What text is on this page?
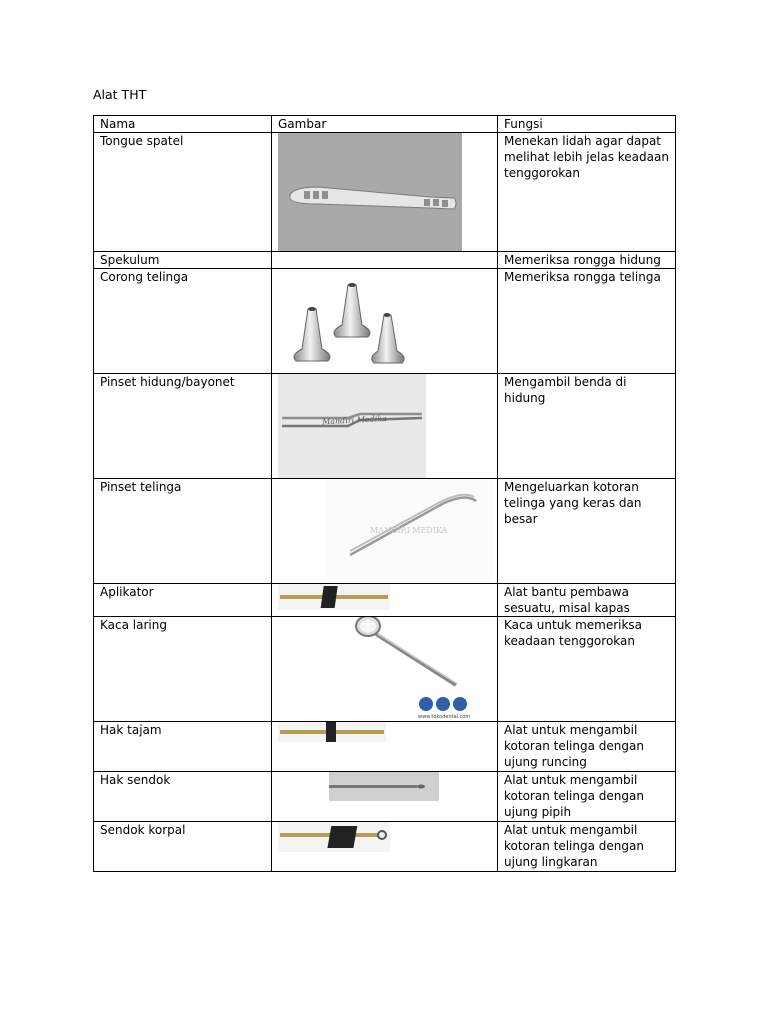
Alat THT
Nama	Gambar	Fungsi
Tongue spatel		Menekan lidah agar dapat melihat lebih jelas keadaan tenggorokan
Spekulum		Memeriksa rongga hidung
Corong telinga		Memeriksa rongga telinga
Pinset hidung/bayonet	Mandiri Medika	Mengambil benda di hidung
Pinset telinga	MANDIRI MEDIKA	Mengeluarkan kotoran telinga yang keras dan besar
Aplikator		Alat bantu pembawa sesuatu, misal kapas
Kaca laring	www.tokodental.com	Kaca untuk memeriksa keadaan tenggorokan
Hak tajam		Alat untuk mengambil kotoran telinga dengan ujung runcing
Hak sendok		Alat untuk mengambil kotoran telinga dengan ujung pipih
Sendok korpal		Alat untuk mengambil kotoran telinga dengan ujung lingkaran
